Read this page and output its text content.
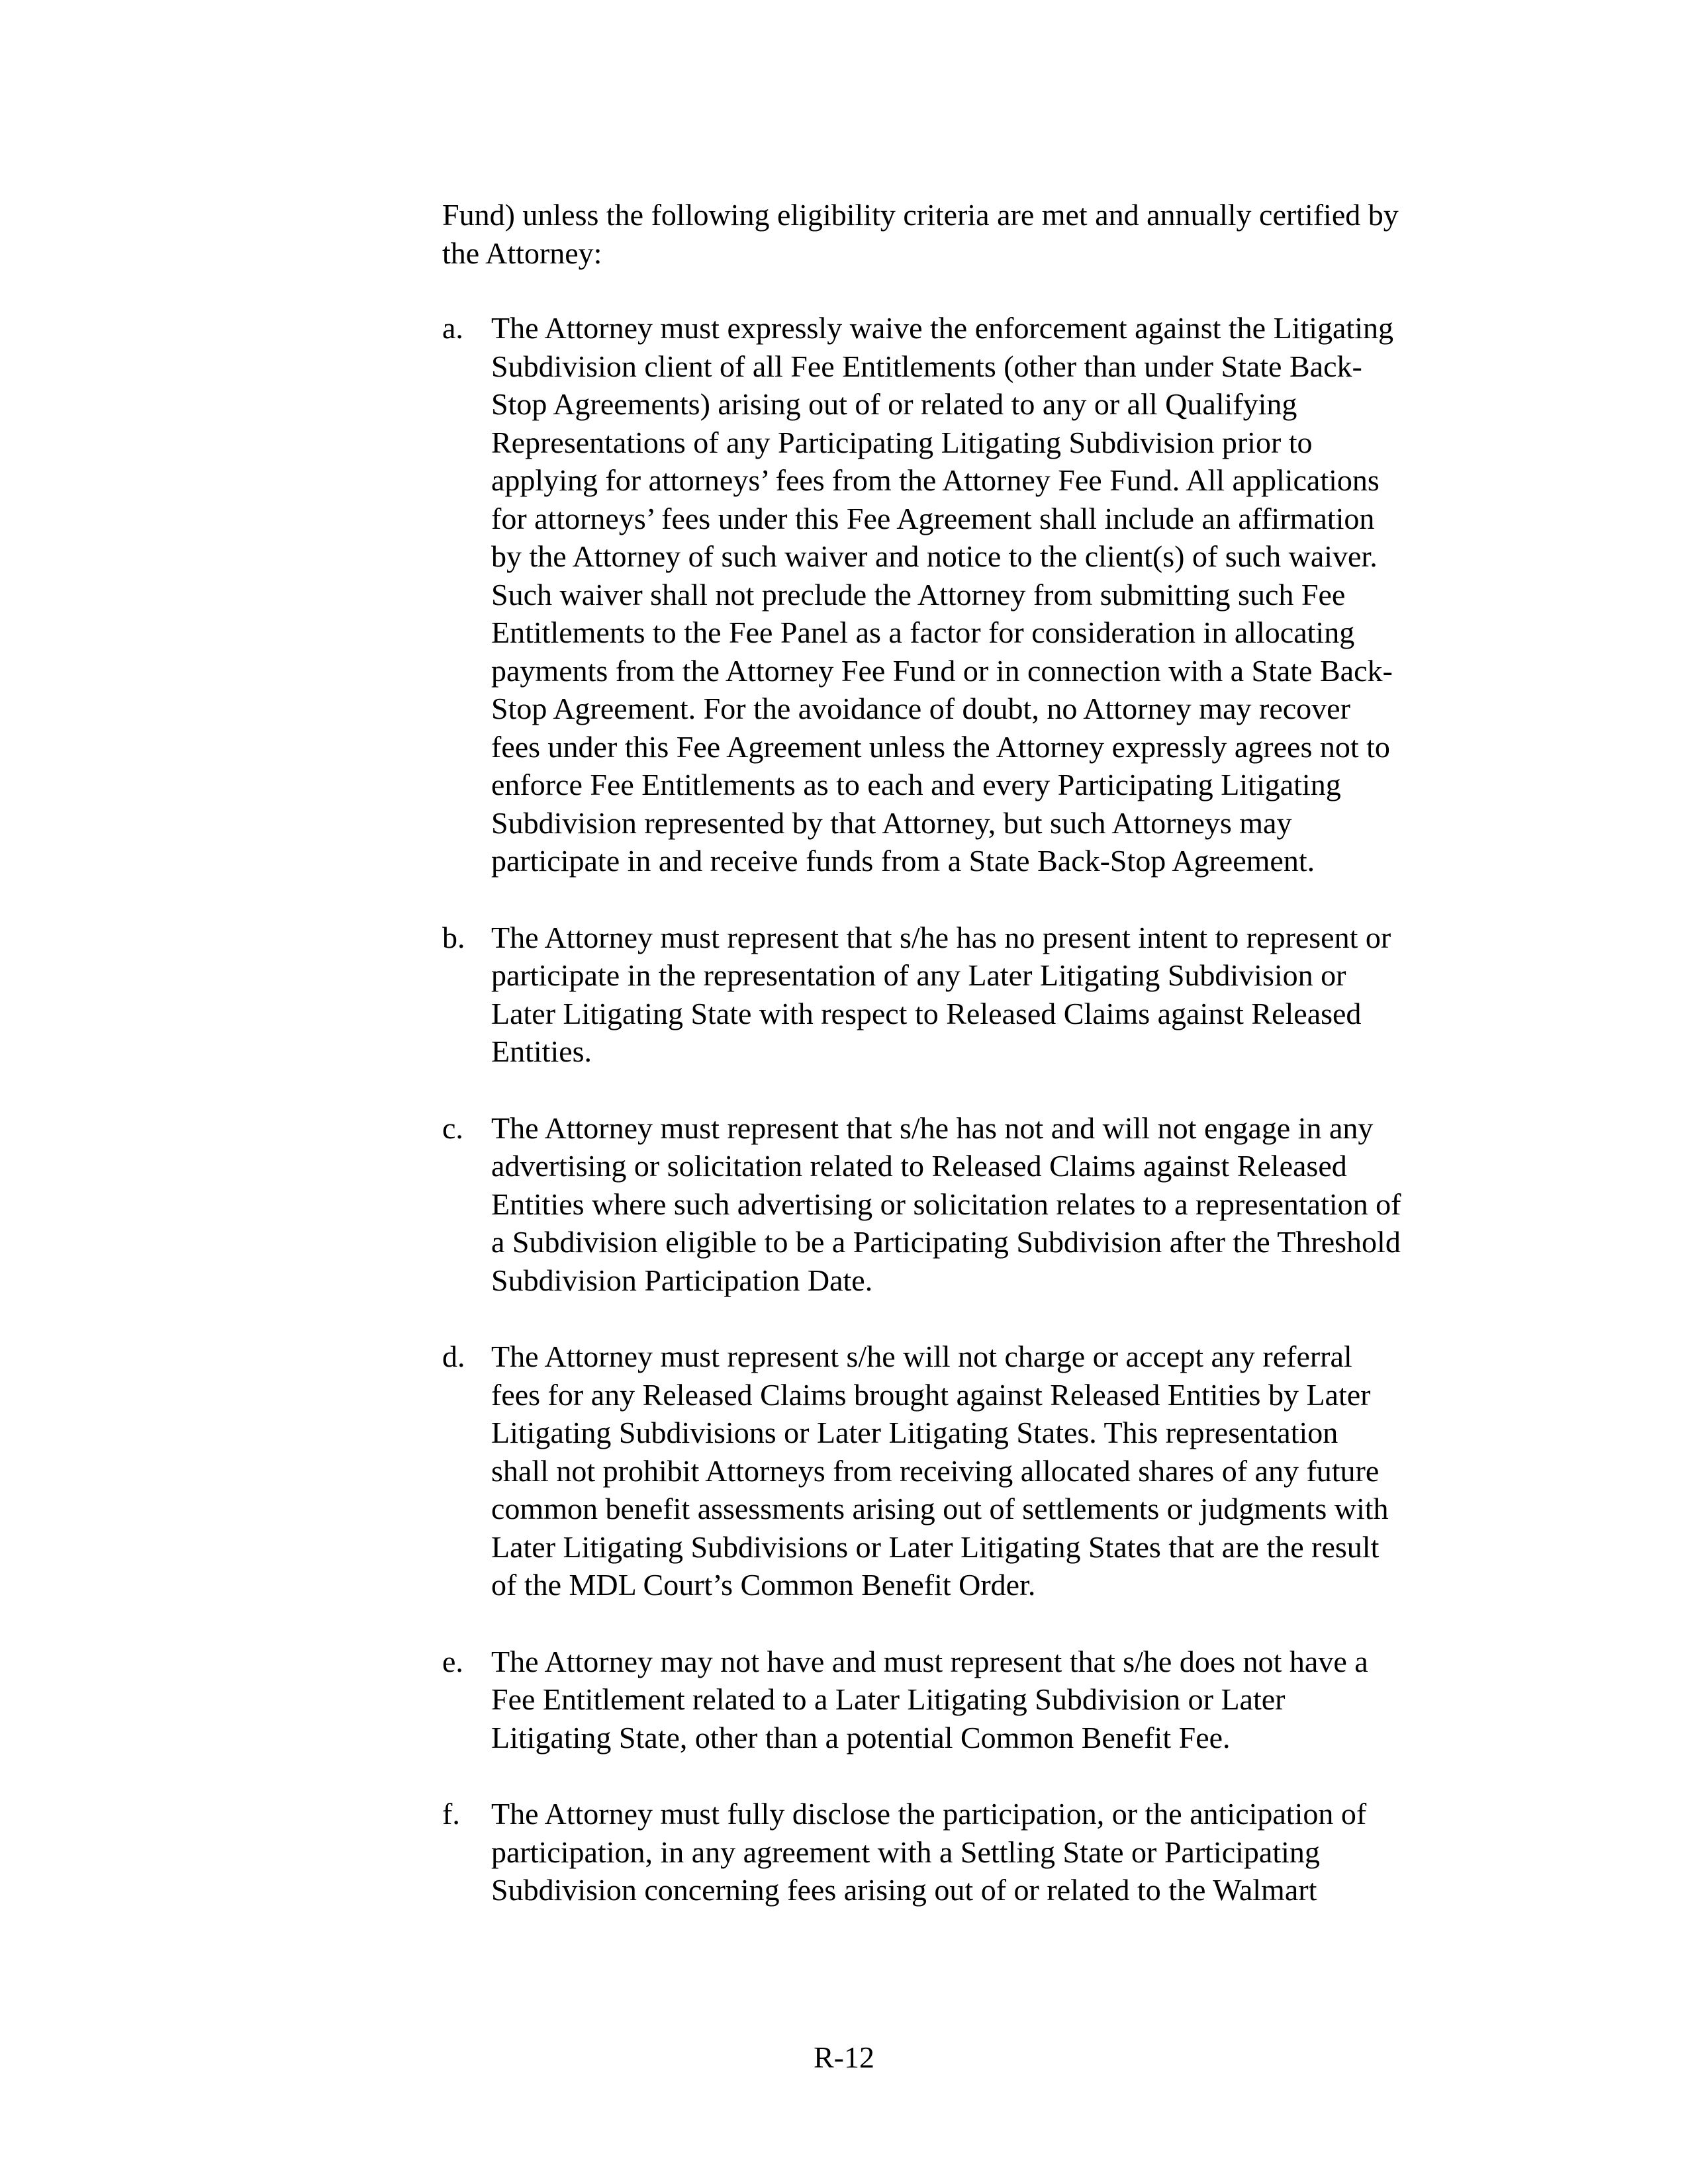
Fund) unless the following eligibility criteria are met and annually certified by
the Attorney:

a. The Attorney must expressly waive the enforcement against the Litigating
Subdivision client of all Fee Entitlements (other than under State Back-
Stop Agreements) arising out of or related to any or all Qualifying
Representations of any Participating Litigating Subdivision prior to
applying for attorneys’ fees from the Attorney Fee Fund. All applications
for attorneys’ fees under this Fee Agreement shall include an affirmation
by the Attorney of such waiver and notice to the client(s) of such waiver.
Such waiver shall not preclude the Attorney from submitting such Fee
Entitlements to the Fee Panel as a factor for consideration in allocating
payments from the Attorney Fee Fund or in connection with a State Back-
Stop Agreement. For the avoidance of doubt, no Attorney may recover
fees under this Fee Agreement unless the Attorney expressly agrees not to
enforce Fee Entitlements as to each and every Participating Litigating
Subdivision represented by that Attorney, but such Attorneys may
participate in and receive funds from a State Back-Stop Agreement.
b. The Attorney must represent that s/he has no present intent to represent or
participate in the representation of any Later Litigating Subdivision or
Later Litigating State with respect to Released Claims against Released
Entities.
c. The Attorney must represent that s/he has not and will not engage in any
advertising or solicitation related to Released Claims against Released
Entities where such advertising or solicitation relates to a representation of
a Subdivision eligible to be a Participating Subdivision after the Threshold
Subdivision Participation Date.
d. The Attorney must represent s/he will not charge or accept any referral
fees for any Released Claims brought against Released Entities by Later
Litigating Subdivisions or Later Litigating States. This representation
shall not prohibit Attorneys from receiving allocated shares of any future
common benefit assessments arising out of settlements or judgments with
Later Litigating Subdivisions or Later Litigating States that are the result
of the MDL Court’s Common Benefit Order.
e. The Attorney may not have and must represent that s/he does not have a
Fee Entitlement related to a Later Litigating Subdivision or Later
Litigating State, other than a potential Common Benefit Fee.
f.	The Attorney must fully disclose the participation, or the anticipation of
participation, in any agreement with a Settling State or Participating
Subdivision concerning fees arising out of or related to the Walmart
R-12
